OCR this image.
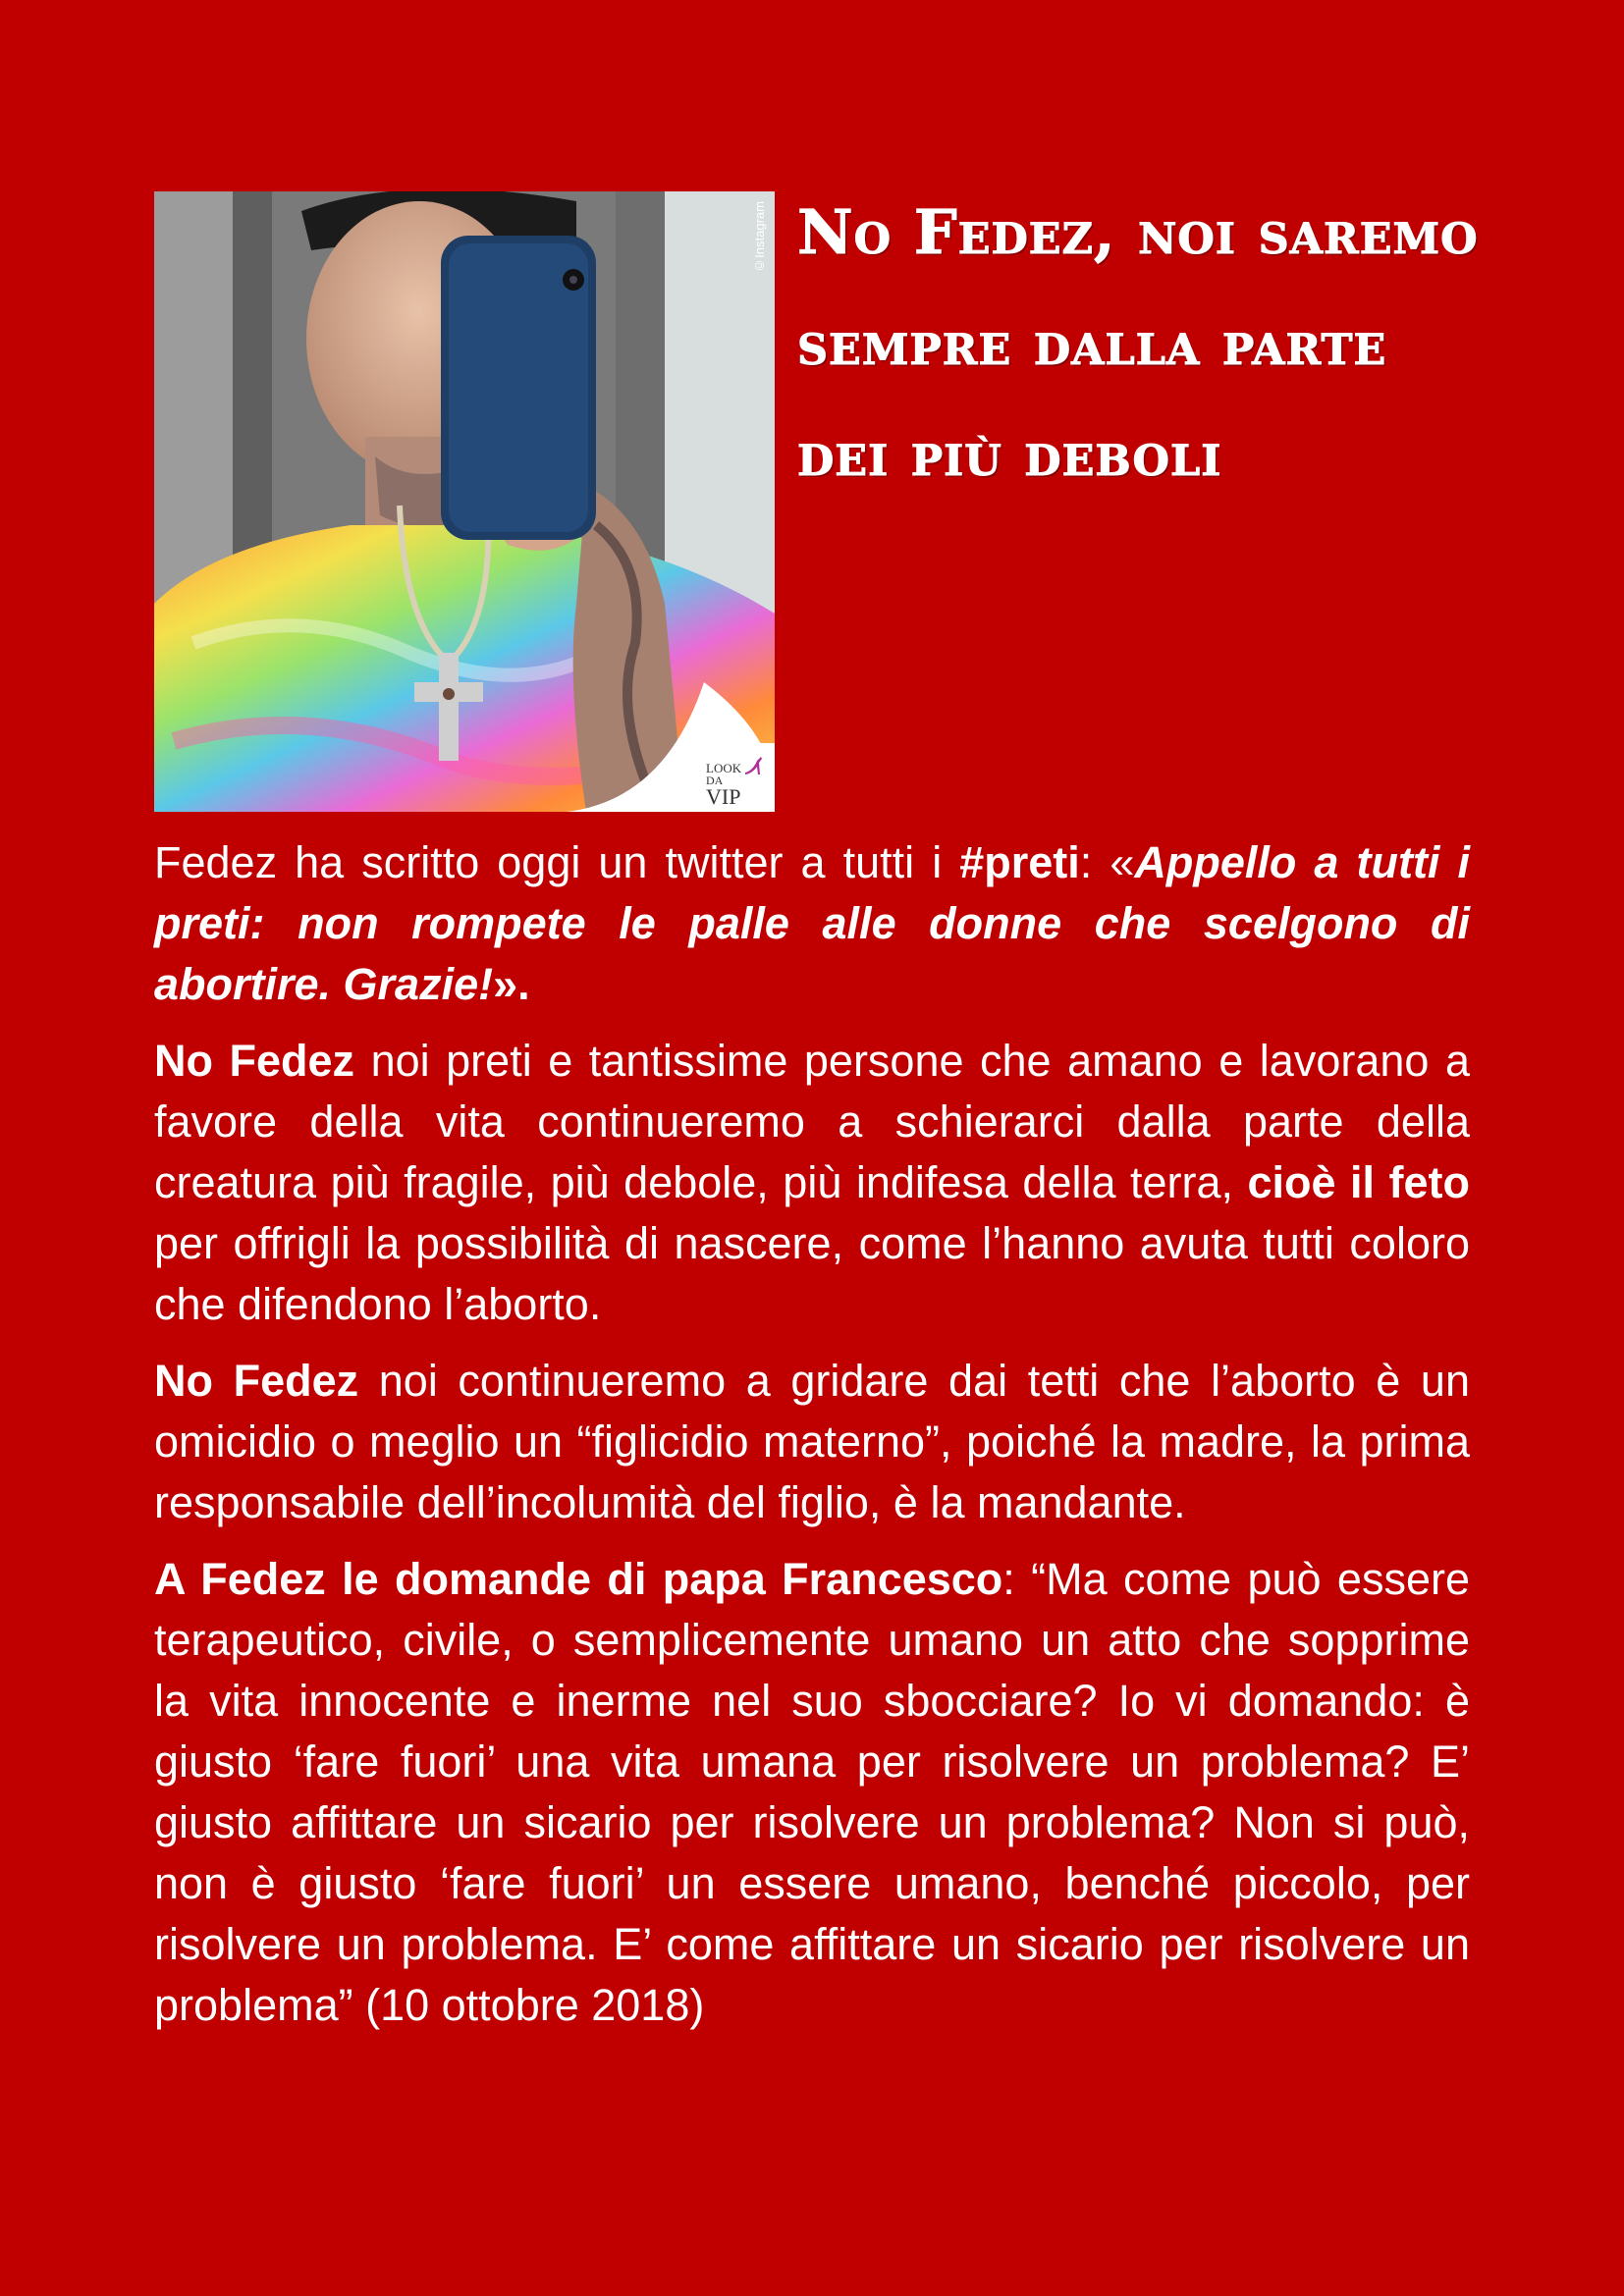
©Instagram
LOOK
DA
VIP
No Fedez, noi saremo sempre dalla parte dei più deboli

Fedez ha scritto oggi un twitter a tutti i #preti: «Appello a tutti i preti: non rompete le palle alle donne che scelgono di abortire. Grazie!».

No Fedez noi preti e tantissime persone che amano e lavorano a favore della vita continueremo a schierarci dalla parte della creatura più fragile, più debole, più indifesa della terra, cioè il feto per offrigli la possibilità di nascere, come l’hanno avuta tutti coloro che difendono l’aborto.

No Fedez noi continueremo a gridare dai tetti che l’aborto è un omicidio o meglio un “figlicidio materno”, poiché la madre, la prima responsabile dell’incolumità del figlio, è la mandante.

A Fedez le domande di papa Francesco: “Ma come può essere terapeutico, civile, o semplicemente umano un atto che sopprime la vita innocente e inerme nel suo sbocciare? Io vi domando: è giusto ‘fare fuori’ una vita umana per risolvere un problema? E’ giusto affittare un sicario per risolvere un problema? Non si può, non è giusto ‘fare fuori’ un essere umano, benché piccolo, per risolvere un problema. E’ come affittare un sicario per risolvere un problema” (10 ottobre 2018)
